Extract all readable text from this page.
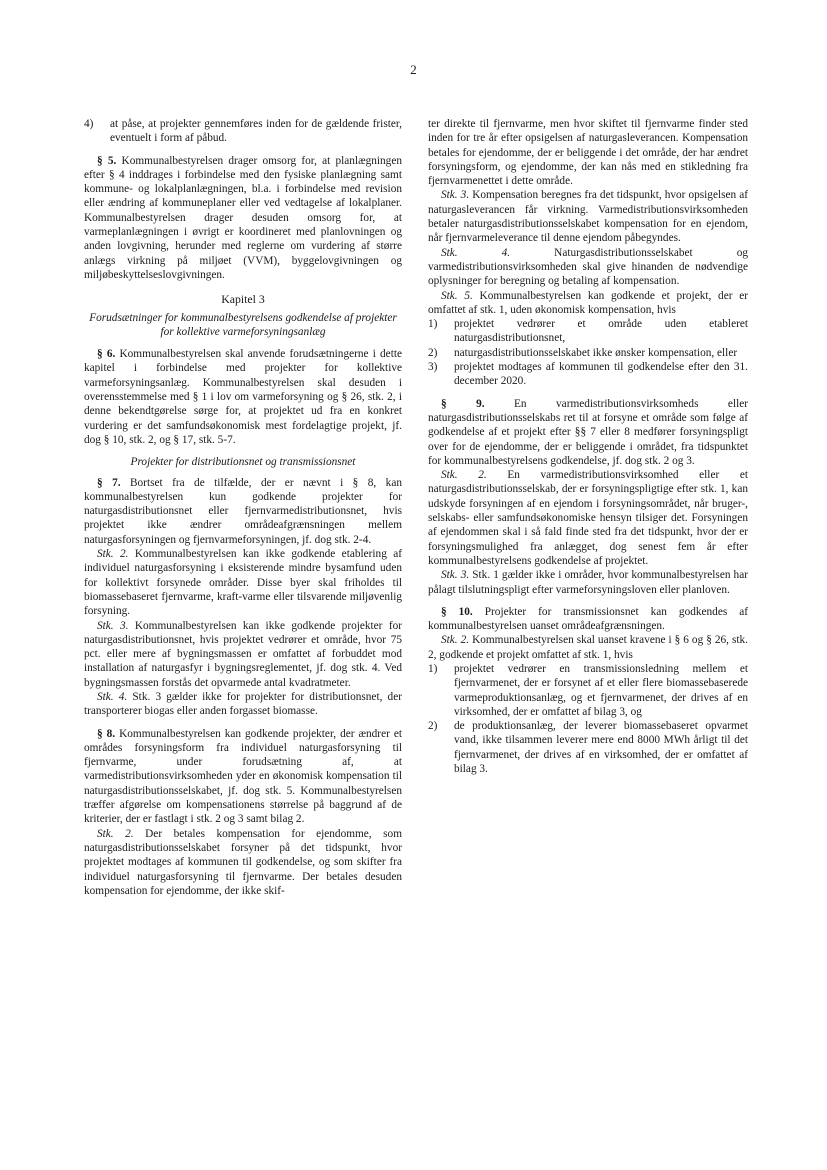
2
4)	at påse, at projekter gennemføres inden for de gældende frister, eventuelt i form af påbud.

§ 5. Kommunalbestyrelsen drager omsorg for, at planlægningen efter § 4 inddrages i forbindelse med den fysiske planlægning samt kommune- og lokalplanlægningen, bl.a. i forbindelse med revision eller ændring af kommuneplaner eller ved vedtagelse af lokalplaner. Kommunalbestyrelsen drager desuden omsorg for, at varmeplanlægningen i øvrigt er koordineret med planlovningen og anden lovgivning, herunder med reglerne om vurdering af større anlægs virkning på miljøet (VVM), byggelovgivningen og miljøbeskyttelseslovgivningen.

Kapitel 3
Forudsætninger for kommunalbestyrelsens godkendelse af projekter for kollektive varmeforsyningsanlæg

§ 6. Kommunalbestyrelsen skal anvende forudsætningerne i dette kapitel i forbindelse med projekter for kollektive varmeforsyningsanlæg. Kommunalbestyrelsen skal desuden i overensstemmelse med § 1 i lov om varmeforsyning og § 26, stk. 2, i denne bekendtgørelse sørge for, at projektet ud fra en konkret vurdering er det samfundsøkonomisk mest fordelagtige projekt, jf. dog § 10, stk. 2, og § 17, stk. 5-7.

Projekter for distributionsnet og transmissionsnet

§ 7. Bortset fra de tilfælde, der er nævnt i § 8, kan kommunalbestyrelsen kun godkende projekter for naturgasdistributionsnet eller fjernvarmedistributionsnet, hvis projektet ikke ændrer områdeafgrænsningen mellem naturgasforsyningen og fjernvarmeforsyningen, jf. dog stk. 2-4.

Stk. 2. Kommunalbestyrelsen kan ikke godkende etablering af individuel naturgasforsyning i eksisterende mindre bysamfund uden for kollektivt forsynede områder. Disse byer skal friholdes til biomassebaseret fjernvarme, kraft-varme eller tilsvarende miljøvenlig forsyning.

Stk. 3. Kommunalbestyrelsen kan ikke godkende projekter for naturgasdistributionsnet, hvis projektet vedrører et område, hvor 75 pct. eller mere af bygningsmassen er omfattet af forbuddet mod installation af naturgasfyr i bygningsreglementet, jf. dog stk. 4. Ved bygningsmassen forstås det opvarmede antal kvadratmeter.

Stk. 4. Stk. 3 gælder ikke for projekter for distributionsnet, der transporterer biogas eller anden forgasset biomasse.

§ 8. Kommunalbestyrelsen kan godkende projekter, der ændrer et områdes forsyningsform fra individuel naturgasforsyning til fjernvarme, under forudsætning af, at varmedistributionsvirksomheden yder en økonomisk kompensation til naturgasdistributionsselskabet, jf. dog stk. 5. Kommunalbestyrelsen træffer afgørelse om kompensationens størrelse på baggrund af de kriterier, der er fastlagt i stk. 2 og 3 samt bilag 2.

Stk. 2. Der betales kompensation for ejendomme, som naturgasdistributionsselskabet forsyner på det tidspunkt, hvor projektet modtages af kommunen til godkendelse, og som skifter fra individuel naturgasforsyning til fjernvarme. Der betales desuden kompensation for ejendomme, der ikke skif-

ter direkte til fjernvarme, men hvor skiftet til fjernvarme finder sted inden for tre år efter opsigelsen af naturgasleverancen. Kompensation betales for ejendomme, der er beliggende i det område, der har ændret forsyningsform, og ejendomme, der kan nås med en stikledning fra fjernvarmenettet i dette område.

Stk. 3. Kompensation beregnes fra det tidspunkt, hvor opsigelsen af naturgasleverancen får virkning. Varmedistributionsvirksomheden betaler naturgasdistributionsselskabet kompensation for en ejendom, når fjernvarmeleverance til denne ejendom påbegyndes.

Stk. 4. Naturgasdistributionsselskabet og varmedistributionsvirksomheden skal give hinanden de nødvendige oplysninger for beregning og betaling af kompensation.

Stk. 5. Kommunalbestyrelsen kan godkende et projekt, der er omfattet af stk. 1, uden økonomisk kompensation, hvis

1)	projektet vedrører et område uden etableret naturgasdistributionsnet,
2)	naturgasdistributionsselskabet ikke ønsker kompensation, eller
3)	projektet modtages af kommunen til godkendelse efter den 31. december 2020.

§ 9. En varmedistributionsvirksomheds eller naturgasdistributionsselskabs ret til at forsyne et område som følge af godkendelse af et projekt efter §§ 7 eller 8 medfører forsyningspligt over for de ejendomme, der er beliggende i området, fra tidspunktet for kommunalbestyrelsens godkendelse, jf. dog stk. 2 og 3.

Stk. 2. En varmedistributionsvirksomhed eller et naturgasdistributionsselskab, der er forsyningspligtige efter stk. 1, kan udskyde forsyningen af en ejendom i forsyningsområdet, når bruger-, selskabs- eller samfundsøkonomiske hensyn tilsiger det. Forsyningen af ejendommen skal i så fald finde sted fra det tidspunkt, hvor der er forsyningsmulighed fra anlægget, dog senest fem år efter kommunalbestyrelsens godkendelse af projektet.

Stk. 3. Stk. 1 gælder ikke i områder, hvor kommunalbestyrelsen har pålagt tilslutningspligt efter varmeforsyningsloven eller planloven.

§ 10. Projekter for transmissionsnet kan godkendes af kommunalbestyrelsen uanset områdeafgrænsningen.

Stk. 2. Kommunalbestyrelsen skal uanset kravene i § 6 og § 26, stk. 2, godkende et projekt omfattet af stk. 1, hvis

1)	projektet vedrører en transmissionsledning mellem et fjernvarmenet, der er forsynet af et eller flere biomassebaserede varmeproduktionsanlæg, og et fjernvarmenet, der drives af en virksomhed, der er omfattet af bilag 3, og
2)	de produktionsanlæg, der leverer biomassebaseret opvarmet vand, ikke tilsammen leverer mere end 8000 MWh årligt til det fjernvarmenet, der drives af en virksomhed, der er omfattet af bilag 3.
